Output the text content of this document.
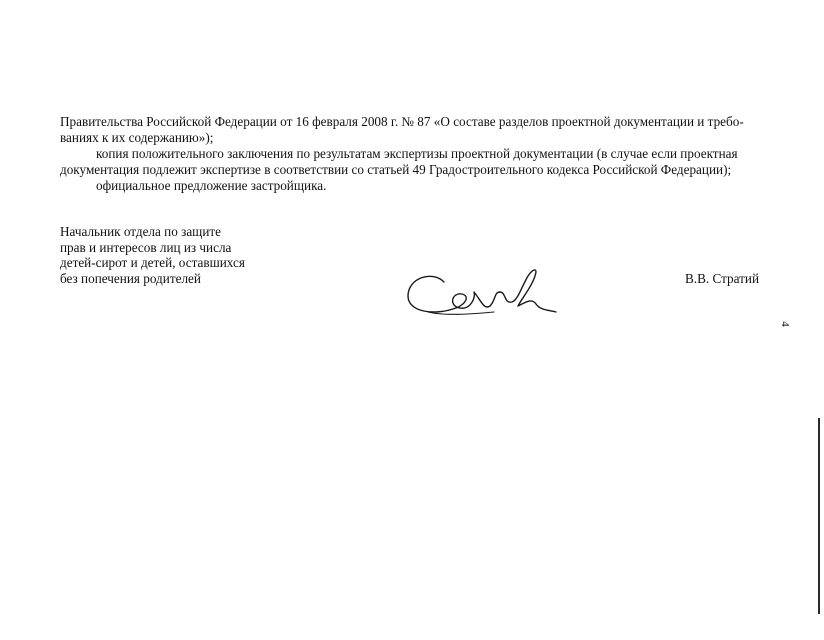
Правительства Российской Федерации от 16 февраля 2008 г. № 87 «О составе разделов проектной документации и требо-
ваниях к их содержанию»);
копия положительного заключения по результатам экспертизы проектной документации (в случае если проектная
документация подлежит экспертизе в соответствии со статьей 49 Градостроительного кодекса Российской Федерации);
официальное предложение застройщика.
Начальник отдела по защите
прав и интересов лиц из числа
детей-сирот и детей, оставшихся
без попечения родителей	В.В. Стратий
4
